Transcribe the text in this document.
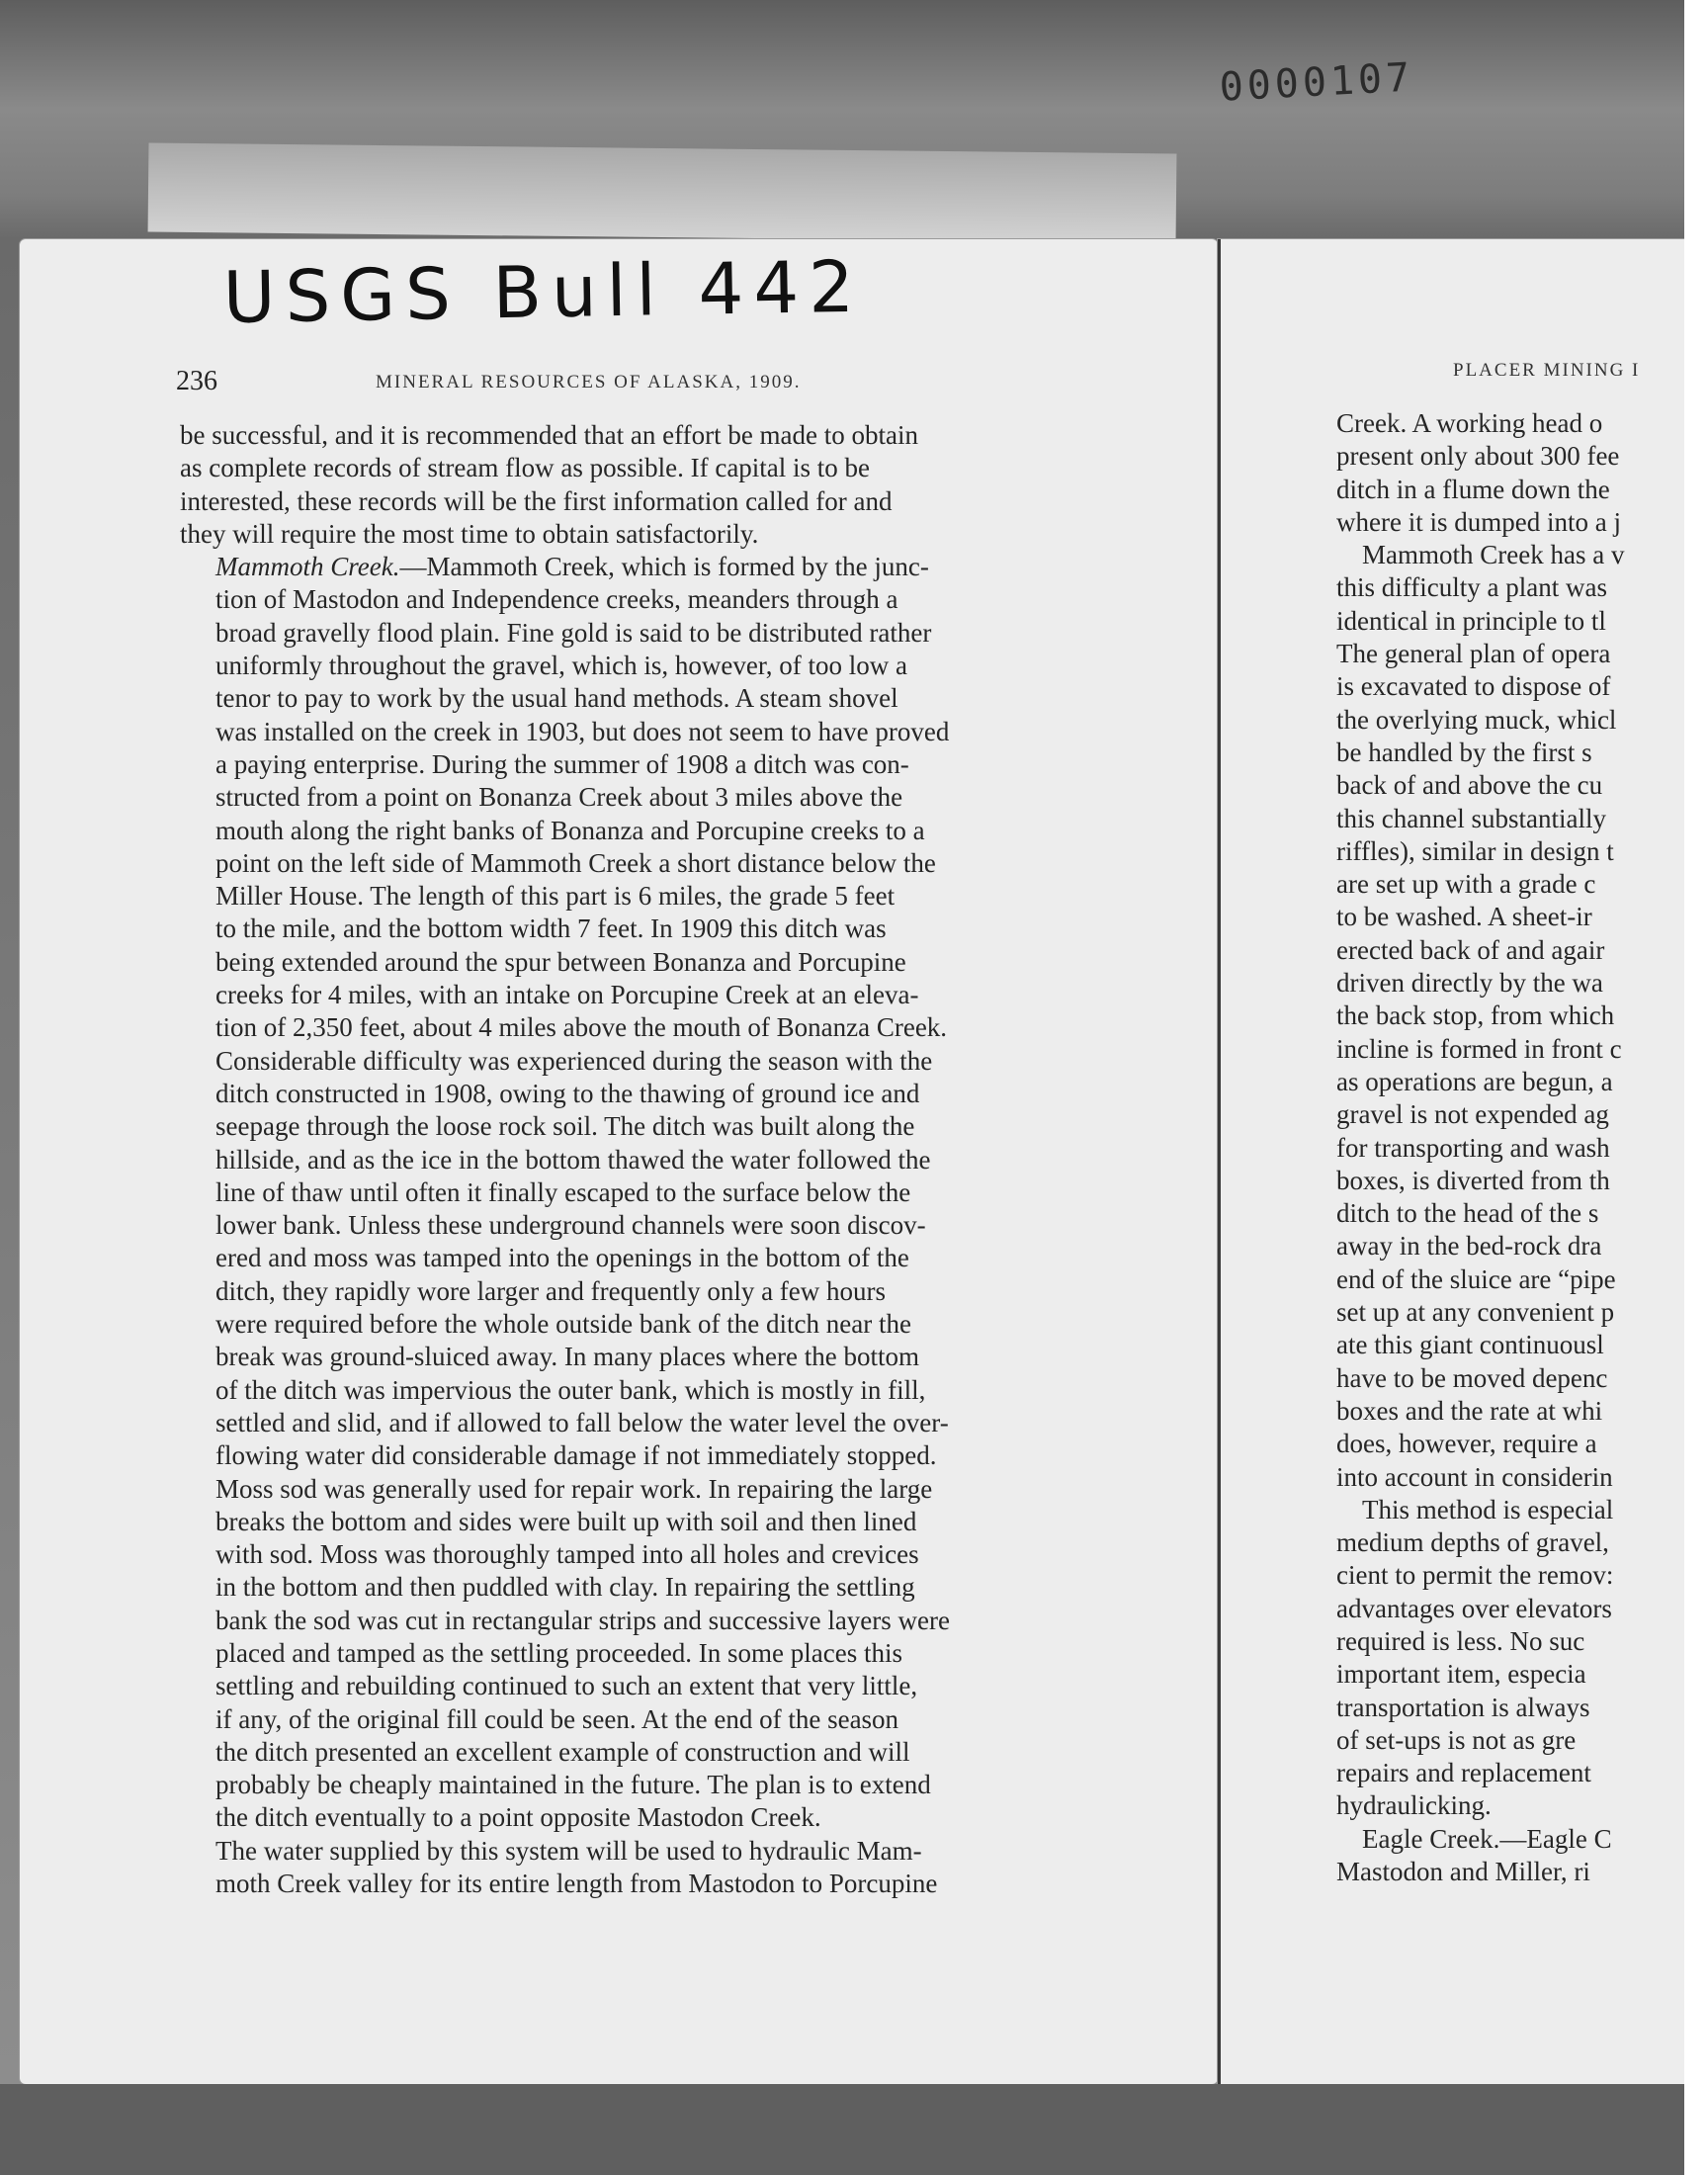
0000107
USGS Bull 442
236	MINERAL RESOURCES OF ALASKA, 1909.

be successful, and it is recommended that an effort be made to obtain
as complete records of stream flow as possible. If capital is to be
interested, these records will be the first information called for and
they will require the most time to obtain satisfactorily.

Mammoth Creek.—Mammoth Creek, which is formed by the junc-
tion of Mastodon and Independence creeks, meanders through a
broad gravelly flood plain. Fine gold is said to be distributed rather
uniformly throughout the gravel, which is, however, of too low a
tenor to pay to work by the usual hand methods. A steam shovel
was installed on the creek in 1903, but does not seem to have proved
a paying enterprise. During the summer of 1908 a ditch was con-
structed from a point on Bonanza Creek about 3 miles above the
mouth along the right banks of Bonanza and Porcupine creeks to a
point on the left side of Mammoth Creek a short distance below the
Miller House. The length of this part is 6 miles, the grade 5 feet
to the mile, and the bottom width 7 feet. In 1909 this ditch was
being extended around the spur between Bonanza and Porcupine
creeks for 4 miles, with an intake on Porcupine Creek at an eleva-
tion of 2,350 feet, about 4 miles above the mouth of Bonanza Creek.

Considerable difficulty was experienced during the season with the
ditch constructed in 1908, owing to the thawing of ground ice and
seepage through the loose rock soil. The ditch was built along the
hillside, and as the ice in the bottom thawed the water followed the
line of thaw until often it finally escaped to the surface below the
lower bank. Unless these underground channels were soon discov-
ered and moss was tamped into the openings in the bottom of the
ditch, they rapidly wore larger and frequently only a few hours
were required before the whole outside bank of the ditch near the
break was ground-sluiced away. In many places where the bottom
of the ditch was impervious the outer bank, which is mostly in fill,
settled and slid, and if allowed to fall below the water level the over-
flowing water did considerable damage if not immediately stopped.
Moss sod was generally used for repair work. In repairing the large
breaks the bottom and sides were built up with soil and then lined
with sod. Moss was thoroughly tamped into all holes and crevices
in the bottom and then puddled with clay. In repairing the settling
bank the sod was cut in rectangular strips and successive layers were
placed and tamped as the settling proceeded. In some places this
settling and rebuilding continued to such an extent that very little,
if any, of the original fill could be seen. At the end of the season
the ditch presented an excellent example of construction and will
probably be cheaply maintained in the future. The plan is to extend
the ditch eventually to a point opposite Mastodon Creek.

The water supplied by this system will be used to hydraulic Mam-
moth Creek valley for its entire length from Mastodon to Porcupine

PLACER MINING I
Creek. A working head o
present only about 300 fee
ditch in a flume down the
where it is dumped into a j
Mammoth Creek has a v
this difficulty a plant was
identical in principle to tl
The general plan of opera
is excavated to dispose of
the overlying muck, whicl
be handled by the first s
back of and above the cu
this channel substantially
riffles), similar in design t
are set up with a grade c
to be washed. A sheet-ir
erected back of and agair
driven directly by the wa
the back stop, from which
incline is formed in front c
as operations are begun, a
gravel is not expended ag
for transporting and wash
boxes, is diverted from th
ditch to the head of the s
away in the bed-rock dra
end of the sluice are “pipe
set up at any convenient p
ate this giant continuousl
have to be moved depenc
boxes and the rate at whi
does, however, require a
into account in considerin
This method is especial
medium depths of gravel,
cient to permit the remov:
advantages over elevators
required is less. No suc
important item, especia
transportation is always
of set-ups is not as gre
repairs and replacement
hydraulicking.
Eagle Creek.—Eagle C
Mastodon and Miller, ri
